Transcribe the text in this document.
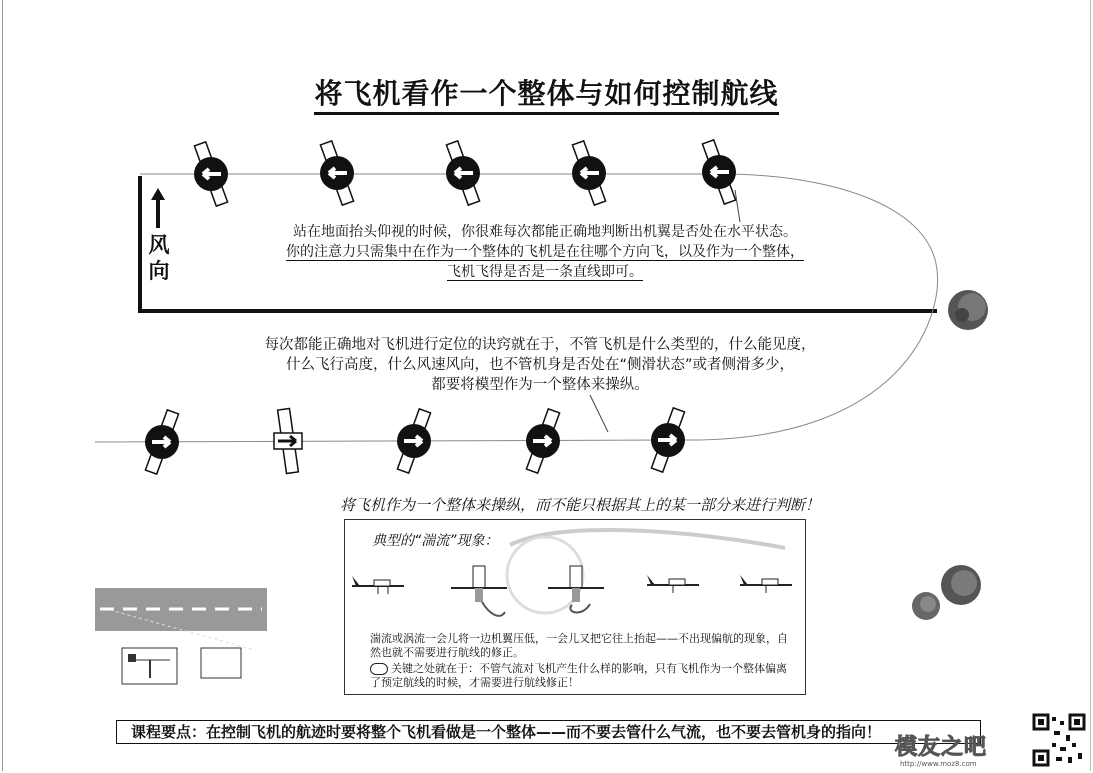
将飞机看作一个整体与如何控制航线
风向
站在地面抬头仰视的时候，你很难每次都能正确地判断出机翼是否处在水平状态。
你的注意力只需集中在作为一个整体的飞机是在往哪个方向飞，以及作为一个整体，
飞机飞得是否是一条直线即可。
每次都能正确地对飞机进行定位的诀窍就在于，不管飞机是什么类型的，什么能见度，
什么飞行高度，什么风速风向，也不管机身是否处在“侧滑状态”或者侧滑多少，
都要将模型作为一个整体来操纵。
将飞机作为一个整体来操纵，而不能只根据其上的某一部分来进行判断！
典型的“湍流”现象：
湍流或涡流一会儿将一边机翼压低，一会儿又把它往上抬起——不出现偏航的现象，自然也就不需要进行航线的修正。
关键之处就在于：不管气流对飞机产生什么样的影响，只有飞机作为一个整体偏离了预定航线的时候，才需要进行航线修正！
课程要点：在控制飞机的航迹时要将整个飞机看做是一个整体——而不要去管什么气流，也不要去管机身的指向！
模友之吧
http://www.moz8.com
